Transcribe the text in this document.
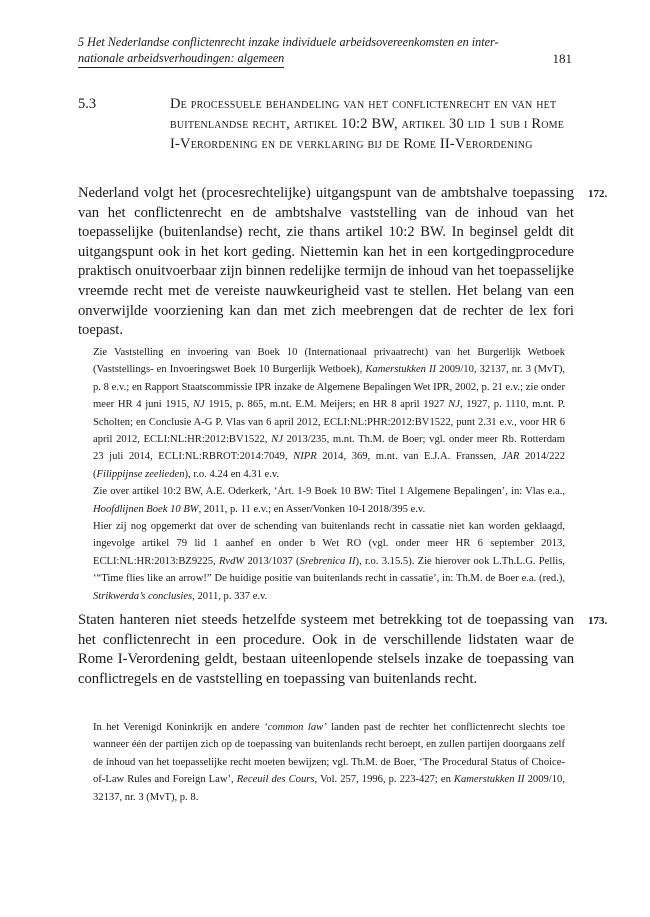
5 Het Nederlandse conflictenrecht inzake individuele arbeidsovereenkomsten en inter-
nationale arbeidsverhoudingen: algemeen	181
5.3	De processuele behandeling van het conflictenrecht en van het buitenlandse recht, artikel 10:2 BW, artikel 30 lid 1 sub i Rome I-Verordening en de verklaring bij de Rome II-Verordening
Nederland volgt het (procesrechtelijke) uitgangspunt van de ambtshalve toepassing van het conflictenrecht en de ambtshalve vaststelling van de inhoud van het toepasselijke (buitenlandse) recht, zie thans artikel 10:2 BW. In beginsel geldt dit uitgangspunt ook in het kort geding. Niettemin kan het in een kortgedingprocedure praktisch onuitvoerbaar zijn binnen redelijke termijn de inhoud van het toepasselijke vreemde recht met de vereiste nauwkeurigheid vast te stellen. Het belang van een onverwijlde voorziening kan dan met zich meebrengen dat de rechter de lex fori toepast.
172.

Zie Vaststelling en invoering van Boek 10 (Internationaal privaatrecht) van het Burgerlijk Wetboek (Vaststellings- en Invoeringswet Boek 10 Burgerlijk Wetboek), Kamerstukken II 2009/10, 32137, nr. 3 (MvT), p. 8 e.v.; en Rapport Staatscommissie IPR inzake de Algemene Bepalingen Wet IPR, 2002, p. 21 e.v.; zie onder meer HR 4 juni 1915, NJ 1915, p. 865, m.nt. E.M. Meijers; en HR 8 april 1927 NJ, 1927, p. 1110, m.nt. P. Scholten; en Conclusie A-G P. Vlas van 6 april 2012, ECLI:NL:PHR:2012:BV1522, punt 2.31 e.v., voor HR 6 april 2012, ECLI:NL:HR:2012:BV1522, NJ 2013/235, m.nt. Th.M. de Boer; vgl. onder meer Rb. Rotterdam 23 juli 2014, ECLI:NL:RBROT:2014:7049, NIPR 2014, 369, m.nt. van E.J.A. Franssen, JAR 2014/222 (Filippijnse zeelieden), r.o. 4.24 en 4.31 e.v.

Zie over artikel 10:2 BW, A.E. Oderkerk, ‘Art. 1-9 Boek 10 BW: Titel 1 Algemene Bepalingen’, in: Vlas e.a., Hoofdlijnen Boek 10 BW, 2011, p. 11 e.v.; en Asser/Vonken 10-I 2018/395 e.v.

Hier zij nog opgemerkt dat over de schending van buitenlands recht in cassatie niet kan worden geklaagd, ingevolge artikel 79 lid 1 aanhef en onder b Wet RO (vgl. onder meer HR 6 september 2013, ECLI:NL:HR:2013:BZ9225, RvdW 2013/1037 (Srebrenica II), r.o. 3.15.5). Zie hierover ook L.Th.L.G. Pellis, ‘“Time flies like an arrow!” De huidige positie van buitenlands recht in cassatie’, in: Th.M. de Boer e.a. (red.), Strikwerda’s conclusies, 2011, p. 337 e.v.

Staten hanteren niet steeds hetzelfde systeem met betrekking tot de toepassing van het conflictenrecht in een procedure. Ook in de verschillende lidstaten waar de Rome I-Verordening geldt, bestaan uiteenlopende stelsels inzake de toepassing van conflictregels en de vaststelling en toepassing van buitenlands recht.
173.

In het Verenigd Koninkrijk en andere ‘common law’ landen past de rechter het conflictenrecht slechts toe wanneer één der partijen zich op de toepassing van buitenlands recht beroept, en zullen partijen doorgaans zelf de inhoud van het toepasselijke recht moeten bewijzen; vgl. Th.M. de Boer, ‘The Procedural Status of Choice-of-Law Rules and Foreign Law’, Receuil des Cours, Vol. 257, 1996, p. 223-427; en Kamerstukken II 2009/10, 32137, nr. 3 (MvT), p. 8.
